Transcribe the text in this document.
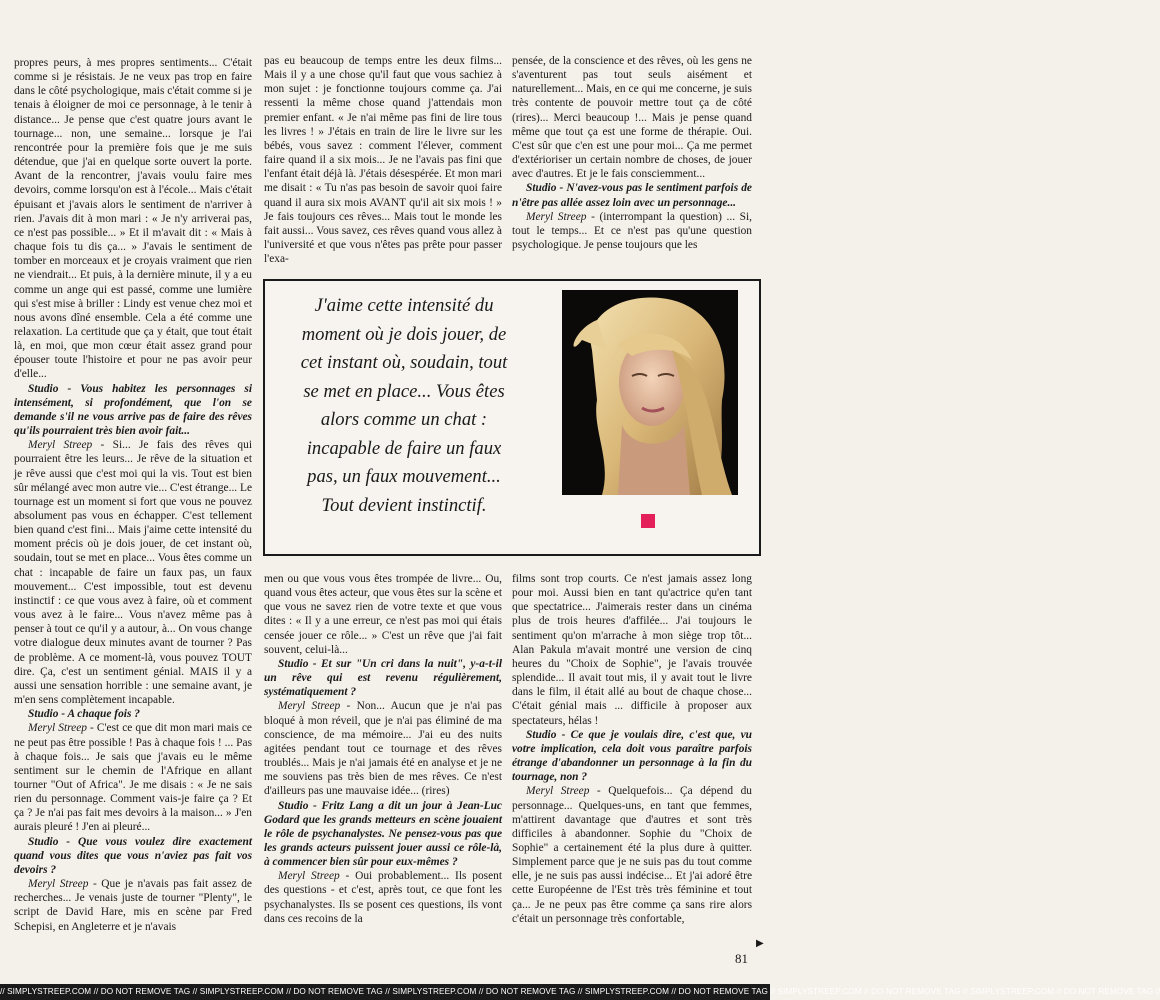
propres peurs, à mes propres sentiments... C'était comme si je résistais. Je ne veux pas trop en faire dans le côté psychologique, mais c'était comme si je tenais à éloigner de moi ce personnage, à le tenir à distance... Je pense que c'est quatre jours avant le tournage... non, une semaine... lorsque je l'ai rencontrée pour la première fois que je me suis détendue, que j'ai en quelque sorte ouvert la porte. Avant de la rencontrer, j'avais voulu faire mes devoirs, comme lorsqu'on est à l'école... Mais c'était épuisant et j'avais alors le sentiment de n'arriver à rien. J'avais dit à mon mari : « Je n'y arriverai pas, ce n'est pas possible... » Et il m'avait dit : « Mais à chaque fois tu dis ça... » J'avais le sentiment de tomber en morceaux et je croyais vraiment que rien ne viendrait... Et puis, à la dernière minute, il y a eu comme un ange qui est passé, comme une lumière qui s'est mise à briller : Lindy est venue chez moi et nous avons dîné ensemble. Cela a été comme une relaxation. La certitude que ça y était, que tout était là, en moi, que mon cœur était assez grand pour épouser toute l'histoire et pour ne pas avoir peur d'elle...

Studio - Vous habitez les personnages si intensément, si profondément, que l'on se demande s'il ne vous arrive pas de faire des rêves qu'ils pourraient très bien avoir fait...

Meryl Streep - Si... Je fais des rêves qui pourraient être les leurs... Je rêve de la situation et je rêve aussi que c'est moi qui la vis. Tout est bien sûr mélangé avec mon autre vie... C'est étrange... Le tournage est un moment si fort que vous ne pouvez absolument pas vous en échapper. C'est tellement bien quand c'est fini... Mais j'aime cette intensité du moment précis où je dois jouer, de cet instant où, soudain, tout se met en place... Vous êtes comme un chat : incapable de faire un faux pas, un faux mouvement... C'est impossible, tout est devenu instinctif : ce que vous avez à faire, où et comment vous avez à le faire... Vous n'avez même pas à penser à tout ce qu'il y a autour, à... On vous change votre dialogue deux minutes avant de tourner ? Pas de problème. A ce moment-là, vous pouvez TOUT dire. Ça, c'est un sentiment génial. MAIS il y a aussi une sensation horrible : une semaine avant, je m'en sens complètement incapable.

Studio - A chaque fois ?

Meryl Streep - C'est ce que dit mon mari mais ce ne peut pas être possible ! Pas à chaque fois ! ... Pas à chaque fois... Je sais que j'avais eu le même sentiment sur le chemin de l'Afrique en allant tourner "Out of Africa". Je me disais : « Je ne sais rien du personnage. Comment vais-je faire ça ? Et ça ? Je n'ai pas fait mes devoirs à la maison... » J'en aurais pleuré ! J'en ai pleuré...

Studio - Que vous voulez dire exactement quand vous dites que vous n'aviez pas fait vos devoirs ?

Meryl Streep - Que je n'avais pas fait assez de recherches... Je venais juste de tourner "Plenty", le script de David Hare, mis en scène par Fred Schepisi, en Angleterre et je n'avais

pas eu beaucoup de temps entre les deux films... Mais il y a une chose qu'il faut que vous sachiez à mon sujet : je fonctionne toujours comme ça. J'ai ressenti la même chose quand j'attendais mon premier enfant. « Je n'ai même pas fini de lire tous les livres ! » J'étais en train de lire le livre sur les bébés, vous savez : comment l'élever, comment faire quand il a six mois... Je ne l'avais pas fini que l'enfant était déjà là. J'étais désespérée. Et mon mari me disait : « Tu n'as pas besoin de savoir quoi faire quand il aura six mois AVANT qu'il ait six mois ! » Je fais toujours ces rêves... Mais tout le monde les fait aussi... Vous savez, ces rêves quand vous allez à l'université et que vous n'êtes pas prête pour passer l'exa-

pensée, de la conscience et des rêves, où les gens ne s'aventurent pas tout seuls aisément et naturellement... Mais, en ce qui me concerne, je suis très contente de pouvoir mettre tout ça de côté (rires)... Merci beaucoup !... Mais je pense quand même que tout ça est une forme de thérapie. Oui. C'est sûr que c'en est une pour moi... Ça me permet d'extérioriser un certain nombre de choses, de jouer avec d'autres. Et je le fais consciemment...

Studio - N'avez-vous pas le sentiment parfois de n'être pas allée assez loin avec un personnage...

Meryl Streep - (interrompant la question) ... Si, tout le temps... Et ce n'est pas qu'une question psychologique. Je pense toujours que les

J'aime cette intensité du moment où je dois jouer, de cet instant où, soudain, tout se met en place... Vous êtes alors comme un chat : incapable de faire un faux pas, un faux mouvement... Tout devient instinctif.

men ou que vous vous êtes trompée de livre... Ou, quand vous êtes acteur, que vous êtes sur la scène et que vous ne savez rien de votre texte et que vous dites : « Il y a une erreur, ce n'est pas moi qui étais censée jouer ce rôle... » C'est un rêve que j'ai fait souvent, celui-là...

Studio - Et sur "Un cri dans la nuit", y-a-t-il un rêve qui est revenu régulièrement, systématiquement ?

Meryl Streep - Non... Aucun que je n'ai pas bloqué à mon réveil, que je n'ai pas éliminé de ma conscience, de ma mémoire... J'ai eu des nuits agitées pendant tout ce tournage et des rêves troublés... Mais je n'ai jamais été en analyse et je ne me souviens pas très bien de mes rêves. Ce n'est d'ailleurs pas une mauvaise idée... (rires)

Studio - Fritz Lang a dit un jour à Jean-Luc Godard que les grands metteurs en scène jouaient le rôle de psychanalystes. Ne pensez-vous pas que les grands acteurs puissent jouer aussi ce rôle-là, à commencer bien sûr pour eux-mêmes ?

Meryl Streep - Oui probablement... Ils posent des questions - et c'est, après tout, ce que font les psychanalystes. Ils se posent ces questions, ils vont dans ces recoins de la

films sont trop courts. Ce n'est jamais assez long pour moi. Aussi bien en tant qu'actrice qu'en tant que spectatrice... J'aimerais rester dans un cinéma plus de trois heures d'affilée... J'ai toujours le sentiment qu'on m'arrache à mon siège trop tôt... Alan Pakula m'avait montré une version de cinq heures du "Choix de Sophie", je l'avais trouvée splendide... Il avait tout mis, il y avait tout le livre dans le film, il était allé au bout de chaque chose... C'était génial mais ... difficile à proposer aux spectateurs, hélas !

Studio - Ce que je voulais dire, c'est que, vu votre implication, cela doit vous paraître parfois étrange d'abandonner un personnage à la fin du tournage, non ?

Meryl Streep - Quelquefois... Ça dépend du personnage... Quelques-uns, en tant que femmes, m'attirent davantage que d'autres et sont très difficiles à abandonner. Sophie du "Choix de Sophie" a certainement été la plus dure à quitter. Simplement parce que je ne suis pas du tout comme elle, je ne suis pas aussi indécise... Et j'ai adoré être cette Européenne de l'Est très très féminine et tout ça... Je ne peux pas être comme ça sans rire alors c'était un personnage très confortable,

▶
81
// SIMPLYSTREEP.COM // DO NOT REMOVE TAG // SIMPLYSTREEP.COM // DO NOT REMOVE TAG // SIMPLYSTREEP.COM // DO NOT REMOVE TAG // SIMPLYSTREEP.COM // DO NOT REMOVE TAG // SIMPLYSTREEP.COM // DO NOT REMOVE TAG // SIMPLYSTREEP.COM // DO NOT REMOVE TAG //
